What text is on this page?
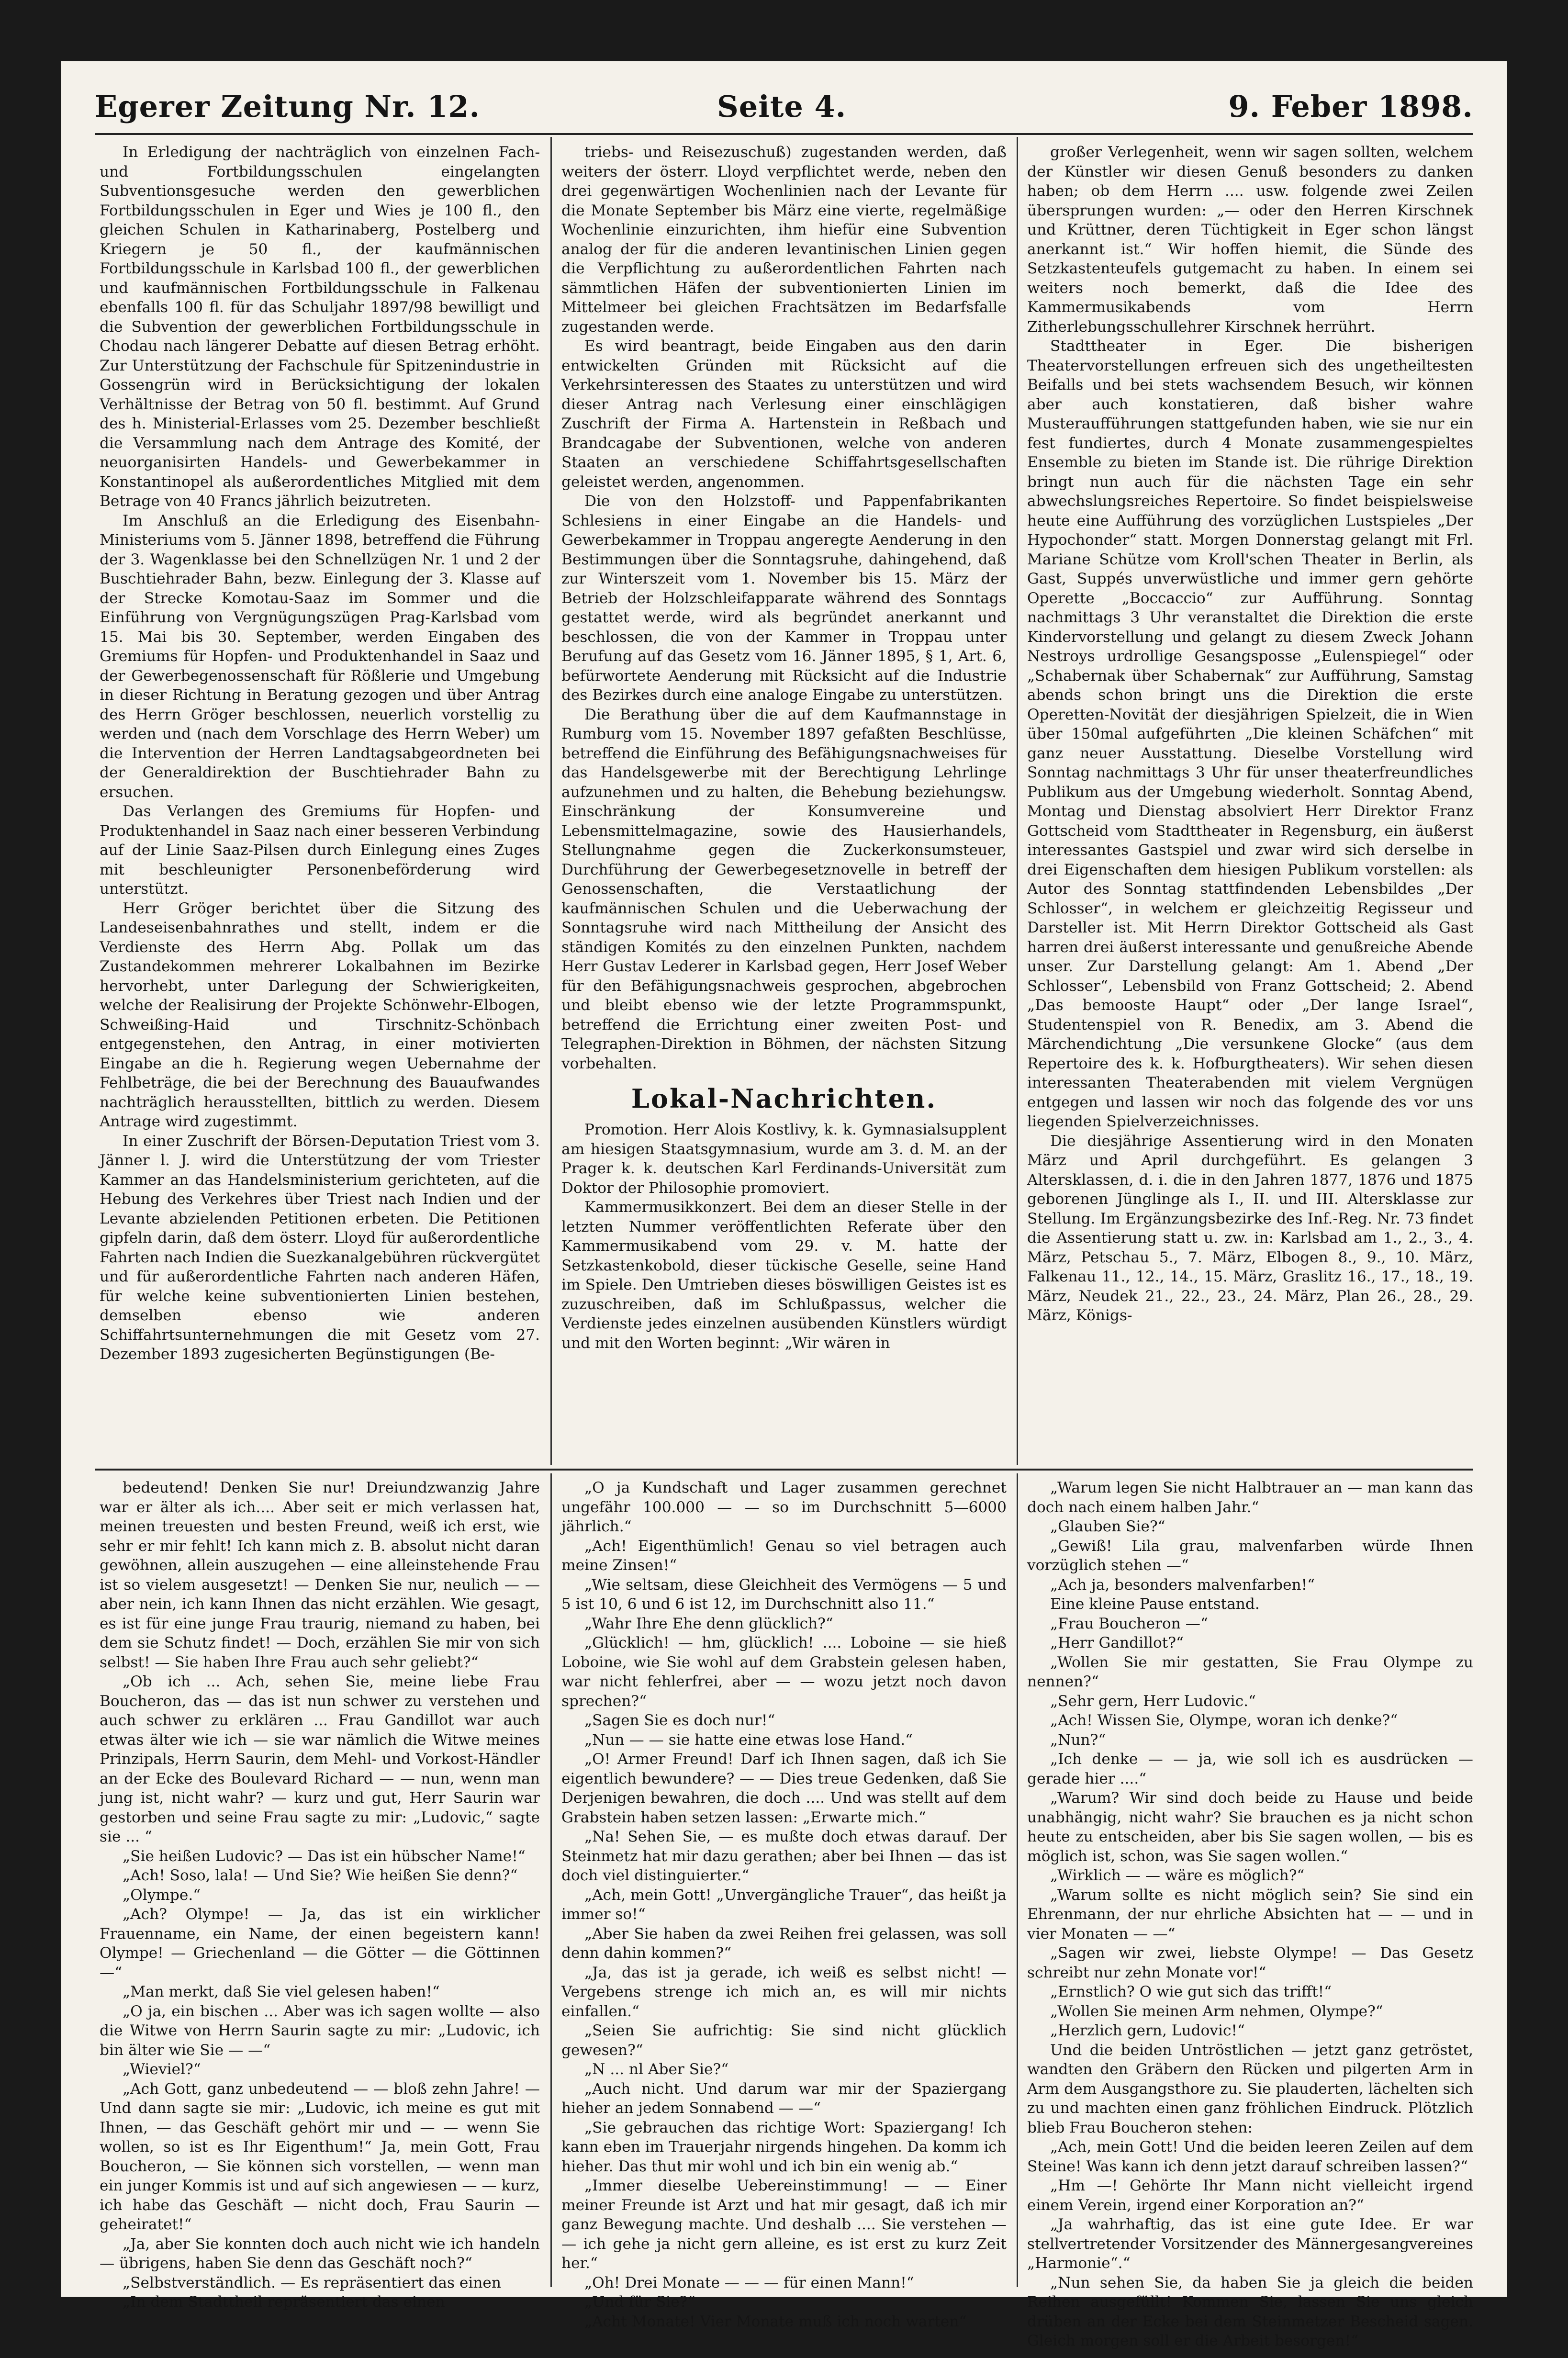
Egerer Zeitung Nr. 12.	Seite 4.	9. Feber 1898.

In Erledigung der nachträglich von einzelnen Fach- und Fortbildungsschulen eingelangten Subventionsgesuche werden den gewerblichen Fortbildungsschulen in Eger und Wies je 100 fl., den gleichen Schulen in Katharinaberg, Postelberg und Kriegern je 50 fl., der kaufmännischen Fortbildungsschule in Karlsbad 100 fl., der gewerblichen und kaufmännischen Fortbildungsschule in Falkenau ebenfalls 100 fl. für das Schuljahr 1897/98 bewilligt und die Subvention der gewerblichen Fortbildungsschule in Chodau nach längerer Debatte auf diesen Betrag erhöht. Zur Unterstützung der Fachschule für Spitzenindustrie in Gossengrün wird in Berücksichtigung der lokalen Verhältnisse der Betrag von 50 fl. bestimmt. Auf Grund des h. Ministerial-Erlasses vom 25. Dezember beschließt die Versammlung nach dem Antrage des Komité, der neuorganisirten Handels- und Gewerbekammer in Konstantinopel als außerordentliches Mitglied mit dem Betrage von 40 Francs jährlich beizutreten.

Im Anschluß an die Erledigung des Eisenbahn-Ministeriums vom 5. Jänner 1898, betreffend die Führung der 3. Wagenklasse bei den Schnellzügen Nr. 1 und 2 der Buschtiehrader Bahn, bezw. Einlegung der 3. Klasse auf der Strecke Komotau-Saaz im Sommer und die Einführung von Vergnügungszügen Prag-Karlsbad vom 15. Mai bis 30. September, werden Eingaben des Gremiums für Hopfen- und Produktenhandel in Saaz und der Gewerbegenossenschaft für Rößlerie und Umgebung in dieser Richtung in Beratung gezogen und über Antrag des Herrn Gröger beschlossen, neuerlich vorstellig zu werden und (nach dem Vorschlage des Herrn Weber) um die Intervention der Herren Landtagsabgeordneten bei der Generaldirektion der Buschtiehrader Bahn zu ersuchen.

Das Verlangen des Gremiums für Hopfen- und Produktenhandel in Saaz nach einer besseren Verbindung auf der Linie Saaz-Pilsen durch Einlegung eines Zuges mit beschleunigter Personenbeförderung wird unterstützt.

Herr Gröger berichtet über die Sitzung des Landeseisenbahnrathes und stellt, indem er die Verdienste des Herrn Abg. Pollak um das Zustandekommen mehrerer Lokalbahnen im Bezirke hervorhebt, unter Darlegung der Schwierigkeiten, welche der Realisirung der Projekte Schönwehr-Elbogen, Schweißing-Haid und Tirschnitz-Schönbach entgegenstehen, den Antrag, in einer motivierten Eingabe an die h. Regierung wegen Uebernahme der Fehlbeträge, die bei der Berechnung des Bauaufwandes nachträglich herausstellten, bittlich zu werden. Diesem Antrage wird zugestimmt.

In einer Zuschrift der Börsen-Deputation Triest vom 3. Jänner l. J. wird die Unterstützung der vom Triester Kammer an das Handelsministerium gerichteten, auf die Hebung des Verkehres über Triest nach Indien und der Levante abzielenden Petitionen erbeten. Die Petitionen gipfeln darin, daß dem österr. Lloyd für außerordentliche Fahrten nach Indien die Suezkanalgebühren rückvergütet und für außerordentliche Fahrten nach anderen Häfen, für welche keine subventionierten Linien bestehen, demselben ebenso wie anderen Schiffahrtsunternehmungen die mit Gesetz vom 27. Dezember 1893 zugesicherten Begünstigungen (Be-

triebs- und Reisezuschuß) zugestanden werden, daß weiters der österr. Lloyd verpflichtet werde, neben den drei gegenwärtigen Wochenlinien nach der Levante für die Monate September bis März eine vierte, regelmäßige Wochenlinie einzurichten, ihm hiefür eine Subvention analog der für die anderen levantinischen Linien gegen die Verpflichtung zu außerordentlichen Fahrten nach sämmtlichen Häfen der subventionierten Linien im Mittelmeer bei gleichen Frachtsätzen im Bedarfsfalle zugestanden werde.

Es wird beantragt, beide Eingaben aus den darin entwickelten Gründen mit Rücksicht auf die Verkehrsinteressen des Staates zu unterstützen und wird dieser Antrag nach Verlesung einer einschlägigen Zuschrift der Firma A. Hartenstein in Reßbach und Brandcagabe der Subventionen, welche von anderen Staaten an verschiedene Schiffahrtsgesellschaften geleistet werden, angenommen.

Die von den Holzstoff- und Pappenfabrikanten Schlesiens in einer Eingabe an die Handels- und Gewerbekammer in Troppau angeregte Aenderung in den Bestimmungen über die Sonntagsruhe, dahingehend, daß zur Winterszeit vom 1. November bis 15. März der Betrieb der Holzschleifapparate während des Sonntags gestattet werde, wird als begründet anerkannt und beschlossen, die von der Kammer in Troppau unter Berufung auf das Gesetz vom 16. Jänner 1895, § 1, Art. 6, befürwortete Aenderung mit Rücksicht auf die Industrie des Bezirkes durch eine analoge Eingabe zu unterstützen.

Die Berathung über die auf dem Kaufmannstage in Rumburg vom 15. November 1897 gefaßten Beschlüsse, betreffend die Einführung des Befähigungsnachweises für das Handelsgewerbe mit der Berechtigung Lehrlinge aufzunehmen und zu halten, die Behebung beziehungsw. Einschränkung der Konsumvereine und Lebensmittelmagazine, sowie des Hausierhandels, Stellungnahme gegen die Zuckerkonsumsteuer, Durchführung der Gewerbegesetznovelle in betreff der Genossenschaften, die Verstaatlichung der kaufmännischen Schulen und die Ueberwachung der Sonntagsruhe wird nach Mittheilung der Ansicht des ständigen Komités zu den einzelnen Punkten, nachdem Herr Gustav Lederer in Karlsbad gegen, Herr Josef Weber für den Befähigungsnachweis gesprochen, abgebrochen und bleibt ebenso wie der letzte Programmspunkt, betreffend die Errichtung einer zweiten Post- und Telegraphen-Direktion in Böhmen, der nächsten Sitzung vorbehalten.

Lokal-Nachrichten.

Promotion. Herr Alois Kostlivy, k. k. Gymnasialsupplent am hiesigen Staatsgymnasium, wurde am 3. d. M. an der Prager k. k. deutschen Karl Ferdinands-Universität zum Doktor der Philosophie promoviert.

Kammermusikkonzert. Bei dem an dieser Stelle in der letzten Nummer veröffentlichten Referate über den Kammermusikabend vom 29. v. M. hatte der Setzkastenkobold, dieser tückische Geselle, seine Hand im Spiele. Den Umtrieben dieses böswilligen Geistes ist es zuzuschreiben, daß im Schlußpassus, welcher die Verdienste jedes einzelnen ausübenden Künstlers würdigt und mit den Worten beginnt: „Wir wären in

großer Verlegenheit, wenn wir sagen sollten, welchem der Künstler wir diesen Genuß besonders zu danken haben; ob dem Herrn .... usw. folgende zwei Zeilen übersprungen wurden: „— oder den Herren Kirschnek und Krüttner, deren Tüchtigkeit in Eger schon längst anerkannt ist.“ Wir hoffen hiemit, die Sünde des Setzkastenteufels gutgemacht zu haben. In einem sei weiters noch bemerkt, daß die Idee des Kammermusikabends vom Herrn Zitherlebungsschullehrer Kirschnek herrührt.

Stadttheater in Eger. Die bisherigen Theatervorstellungen erfreuen sich des ungetheiltesten Beifalls und bei stets wachsendem Besuch, wir können aber auch konstatieren, daß bisher wahre Musteraufführungen stattgefunden haben, wie sie nur ein fest fundiertes, durch 4 Monate zusammengespieltes Ensemble zu bieten im Stande ist. Die rührige Direktion bringt nun auch für die nächsten Tage ein sehr abwechslungsreiches Repertoire. So findet beispielsweise heute eine Aufführung des vorzüglichen Lustspieles „Der Hypochonder“ statt. Morgen Donnerstag gelangt mit Frl. Mariane Schütze vom Kroll'schen Theater in Berlin, als Gast, Suppés unverwüstliche und immer gern gehörte Operette „Boccaccio“ zur Aufführung. Sonntag nachmittags 3 Uhr veranstaltet die Direktion die erste Kindervorstellung und gelangt zu diesem Zweck Johann Nestroys urdrollige Gesangsposse „Eulenspiegel“ oder „Schabernak über Schabernak“ zur Aufführung, Samstag abends schon bringt uns die Direktion die erste Operetten-Novität der diesjährigen Spielzeit, die in Wien über 150mal aufgeführten „Die kleinen Schäfchen“ mit ganz neuer Ausstattung. Dieselbe Vorstellung wird Sonntag nachmittags 3 Uhr für unser theaterfreundliches Publikum aus der Umgebung wiederholt. Sonntag Abend, Montag und Dienstag absolviert Herr Direktor Franz Gottscheid vom Stadttheater in Regensburg, ein äußerst interessantes Gastspiel und zwar wird sich derselbe in drei Eigenschaften dem hiesigen Publikum vorstellen: als Autor des Sonntag stattfindenden Lebensbildes „Der Schlosser“, in welchem er gleichzeitig Regisseur und Darsteller ist. Mit Herrn Direktor Gottscheid als Gast harren drei äußerst interessante und genußreiche Abende unser. Zur Darstellung gelangt: Am 1. Abend „Der Schlosser“, Lebensbild von Franz Gottscheid; 2. Abend „Das bemooste Haupt“ oder „Der lange Israel“, Studentenspiel von R. Benedix, am 3. Abend die Märchendichtung „Die versunkene Glocke“ (aus dem Repertoire des k. k. Hofburgtheaters). Wir sehen diesen interessanten Theaterabenden mit vielem Vergnügen entgegen und lassen wir noch das folgende des vor uns liegenden Spielverzeichnisses.

Die diesjährige Assentierung wird in den Monaten März und April durchgeführt. Es gelangen 3 Altersklassen, d. i. die in den Jahren 1877, 1876 und 1875 geborenen Jünglinge als I., II. und III. Altersklasse zur Stellung. Im Ergänzungsbezirke des Inf.-Reg. Nr. 73 findet die Assentierung statt u. zw. in: Karlsbad am 1., 2., 3., 4. März, Petschau 5., 7. März, Elbogen 8., 9., 10. März, Falkenau 11., 12., 14., 15. März, Graslitz 16., 17., 18., 19. März, Neudek 21., 22., 23., 24. März, Plan 26., 28., 29. März, Königs-

bedeutend! Denken Sie nur! Dreiundzwanzig Jahre war er älter als ich.... Aber seit er mich verlassen hat, meinen treuesten und besten Freund, weiß ich erst, wie sehr er mir fehlt! Ich kann mich z. B. absolut nicht daran gewöhnen, allein auszugehen — eine alleinstehende Frau ist so vielem ausgesetzt! — Denken Sie nur, neulich — — aber nein, ich kann Ihnen das nicht erzählen. Wie gesagt, es ist für eine junge Frau traurig, niemand zu haben, bei dem sie Schutz findet! — Doch, erzählen Sie mir von sich selbst! — Sie haben Ihre Frau auch sehr geliebt?“

„Ob ich ... Ach, sehen Sie, meine liebe Frau Boucheron, das — das ist nun schwer zu verstehen und auch schwer zu erklären ... Frau Gandillot war auch etwas älter wie ich — sie war nämlich die Witwe meines Prinzipals, Herrn Saurin, dem Mehl- und Vorkost-Händler an der Ecke des Boulevard Richard — — nun, wenn man jung ist, nicht wahr? — kurz und gut, Herr Saurin war gestorben und seine Frau sagte zu mir: „Ludovic,“ sagte sie ... “

„Sie heißen Ludovic? — Das ist ein hübscher Name!“

„Ach! Soso, lala! — Und Sie? Wie heißen Sie denn?“

„Olympe.“

„Ach? Olympe! — Ja, das ist ein wirklicher Frauenname, ein Name, der einen begeistern kann! Olympe! — Griechenland — die Götter — die Göttinnen —“

„Man merkt, daß Sie viel gelesen haben!“

„O ja, ein bischen ... Aber was ich sagen wollte — also die Witwe von Herrn Saurin sagte zu mir: „Ludovic, ich bin älter wie Sie — —“

„Wieviel?“

„Ach Gott, ganz unbedeutend — — bloß zehn Jahre! — Und dann sagte sie mir: „Ludovic, ich meine es gut mit Ihnen, — das Geschäft gehört mir und — — wenn Sie wollen, so ist es Ihr Eigenthum!“ Ja, mein Gott, Frau Boucheron, — Sie können sich vorstellen, — wenn man ein junger Kommis ist und auf sich angewiesen — — kurz, ich habe das Geschäft — nicht doch, Frau Saurin — geheiratet!“

„Ja, aber Sie konnten doch auch nicht wie ich handeln — übrigens, haben Sie denn das Geschäft noch?“

„Selbstverständlich. — Es repräsentiert das einen

„In dem Stadttheil repräsentiert das einen

„O ja Kundschaft und Lager zusammen gerechnet ungefähr 100.000 — — so im Durchschnitt 5—6000 jährlich.“

„Ach! Eigenthümlich! Genau so viel betragen auch meine Zinsen!“

„Wie seltsam, diese Gleichheit des Vermögens — 5 und 5 ist 10, 6 und 6 ist 12, im Durchschnitt also 11.“

„Wahr Ihre Ehe denn glücklich?“

„Glücklich! — hm, glücklich! .... Loboine — sie hieß Loboine, wie Sie wohl auf dem Grabstein gelesen haben, war nicht fehlerfrei, aber — — wozu jetzt noch davon sprechen?“

„Sagen Sie es doch nur!“

„Nun — — sie hatte eine etwas lose Hand.“

„O! Armer Freund! Darf ich Ihnen sagen, daß ich Sie eigentlich bewundere? — — Dies treue Gedenken, daß Sie Derjenigen bewahren, die doch .... Und was stellt auf dem Grabstein haben setzen lassen: „Erwarte mich.“

„Na! Sehen Sie, — es mußte doch etwas darauf. Der Steinmetz hat mir dazu gerathen; aber bei Ihnen — das ist doch viel distinguierter.“

„Ach, mein Gott! „Unvergängliche Trauer“, das heißt ja immer so!“

„Aber Sie haben da zwei Reihen frei gelassen, was soll denn dahin kommen?“

„Ja, das ist ja gerade, ich weiß es selbst nicht! — Vergebens strenge ich mich an, es will mir nichts einfallen.“

„Seien Sie aufrichtig: Sie sind nicht glücklich gewesen?“

„N ... nl Aber Sie?“

„Auch nicht. Und darum war mir der Spaziergang hieher an jedem Sonnabend — —“

„Sie gebrauchen das richtige Wort: Spaziergang! Ich kann eben im Trauerjahr nirgends hingehen. Da komm ich hieher. Das thut mir wohl und ich bin ein wenig ab.“

„Immer dieselbe Uebereinstimmung! — — Einer meiner Freunde ist Arzt und hat mir gesagt, daß ich mir ganz Bewegung machte. Und deshalb .... Sie verstehen — — ich gehe ja nicht gern alleine, es ist erst zu kurz Zeit her.“

„Oh! Drei Monate — — — für einen Mann!“

„Und für Sie?“

„Acht Monate! Vier Monate muß ich noch warten“

„Warum legen Sie nicht Halbtrauer an — man kann das doch nach einem halben Jahr.“

„Glauben Sie?“

„Gewiß! Lila grau, malvenfarben würde Ihnen vorzüglich stehen —“

„Ach ja, besonders malvenfarben!“

Eine kleine Pause entstand.

„Frau Boucheron —“

„Herr Gandillot?“

„Wollen Sie mir gestatten, Sie Frau Olympe zu nennen?“

„Sehr gern, Herr Ludovic.“

„Ach! Wissen Sie, Olympe, woran ich denke?“

„Nun?“

„Ich denke — — ja, wie soll ich es ausdrücken — gerade hier ....“

„Warum? Wir sind doch beide zu Hause und beide unabhängig, nicht wahr? Sie brauchen es ja nicht schon heute zu entscheiden, aber bis Sie sagen wollen, — bis es möglich ist, schon, was Sie sagen wollen.“

„Wirklich — — wäre es möglich?“

„Warum sollte es nicht möglich sein? Sie sind ein Ehrenmann, der nur ehrliche Absichten hat — — und in vier Monaten — —“

„Sagen wir zwei, liebste Olympe! — Das Gesetz schreibt nur zehn Monate vor!“

„Ernstlich? O wie gut sich das trifft!“

„Wollen Sie meinen Arm nehmen, Olympe?“

„Herzlich gern, Ludovic!“

Und die beiden Untröstlichen — jetzt ganz getröstet, wandten den Gräbern den Rücken und pilgerten Arm in Arm dem Ausgangsthore zu. Sie plauderten, lächelten sich zu und machten einen ganz fröhlichen Eindruck. Plötzlich blieb Frau Boucheron stehen:

„Ach, mein Gott! Und die beiden leeren Zeilen auf dem Steine! Was kann ich denn jetzt darauf schreiben lassen?“

„Hm —! Gehörte Ihr Mann nicht vielleicht irgend einem Verein, irgend einer Korporation an?“

„Ja wahrhaftig, das ist eine gute Idee. Er war stellvertretender Vorsitzender des Männergesangvereines „Harmonie“.“

„Nun sehen Sie, da haben Sie ja gleich die beiden Reihen ausgefüllt! Kommen Sie, lassen Sie uns gleich drüben an der Ecke bei dem Steinmetzer Bescheid sagen. Gleich morgen soll er die Arbeit besorgen!“
